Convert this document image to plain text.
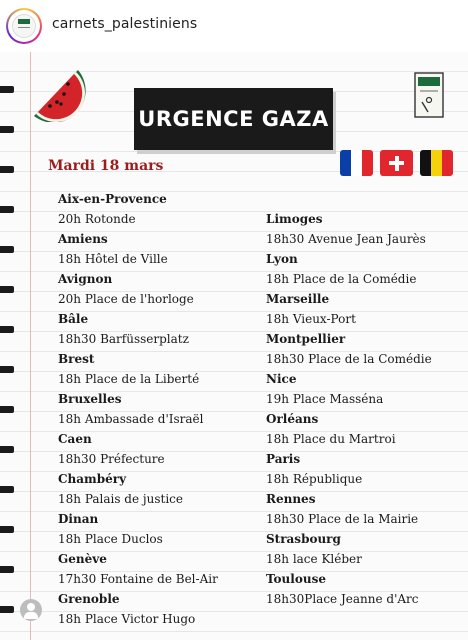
carnets_palestiniens
URGENCE GAZA
Mardi 18 mars
Aix-en-Provence
20h Rotonde
Amiens
18h Hôtel de Ville
Avignon
20h Place de l'horloge
Bâle
18h30 Barfüsserplatz
Brest
18h Place de la Liberté
Bruxelles
18h Ambassade d'Israël
Caen
18h30 Préfecture
Chambéry
18h Palais de justice
Dinan
18h Place Duclos
Genève
17h30 Fontaine de Bel-Air
Grenoble
18h Place Victor Hugo
Limoges
18h30 Avenue Jean Jaurès
Lyon
18h Place de la Comédie
Marseille
18h Vieux-Port
Montpellier
18h30 Place de la Comédie
Nice
19h Place Masséna
Orléans
18h Place du Martroi
Paris
18h République
Rennes
18h30 Place de la Mairie
Strasbourg
18h lace Kléber
Toulouse
18h30Place Jeanne d'Arc
